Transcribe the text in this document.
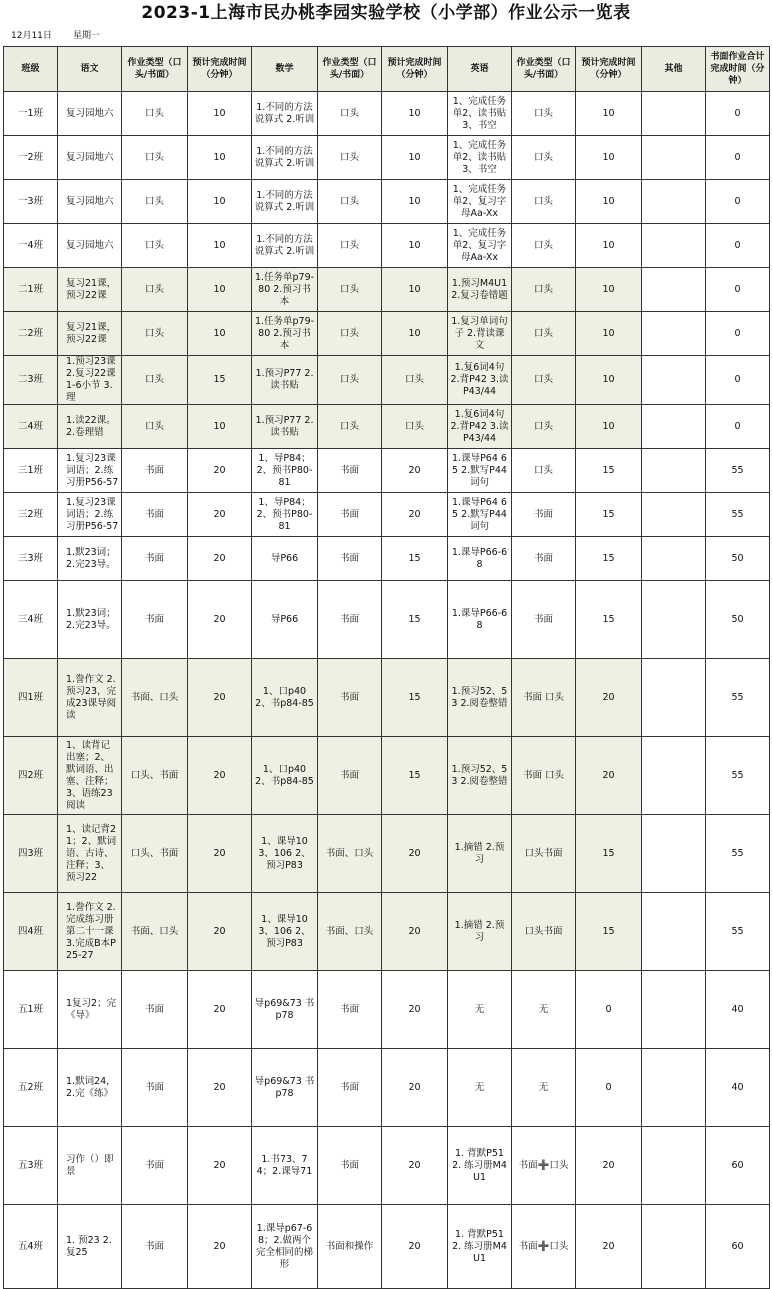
2023-1上海市民办桃李园实验学校（小学部）作业公示一览表
12月11日 星期一
班级	语文	作业类型（口头/书面）	预计完成时间（分钟）	数学	作业类型（口头/书面）	预计完成时间（分钟）	英语	作业类型（口头/书面）	预计完成时间（分钟）	其他	书面作业合计完成时间（分钟）
一1班	复习园地六	口头	10	1.不同的方法说算式 2.听训	口头	10	1、完成任务单2、读书贴3、书空	口头	10		0
一2班	复习园地六	口头	10	1.不同的方法说算式 2.听训	口头	10	1、完成任务单2、读书贴3、书空	口头	10		0
一3班	复习园地六	口头	10	1.不同的方法说算式 2.听训	口头	10	1、完成任务单2、复习字母Aa-Xx	口头	10		0
一4班	复习园地六	口头	10	1.不同的方法说算式 2.听训	口头	10	1、完成任务单2、复习字母Aa-Xx	口头	10		0
二1班	复习21课，预习22课	口头	10	1.任务单p79-80 2.预习书本	口头	10	1.预习M4U1 2.复习卷错题	口头	10		0
二2班	复习21课，预习22课	口头	10	1.任务单p79-80 2.预习书本	口头	10	1.复习单词句子 2.背读课文	口头	10		0
二3班	1.预习23课 2.复习22课 1-6小节 3.理	口头	15	1.预习P77 2.读书贴	口头	口头	1.复6词4句 2.背P42 3.读P43/44	口头	10		0
二4班	1.读22课。 2.卷理错	口头	10	1.预习P77 2.读书贴	口头	口头	1.复6词4句 2.背P42 3.读P43/44	口头	10		0
三1班	1.复习23课词语；2.练习册P56-57	书面	20	1、导P84；2、预书P80-81	书面	20	1.课导P64 65 2.默写P44词句	口头	15		55
三2班	1.复习23课词语；2.练习册P56-57	书面	20	1、导P84；2、预书P80-81	书面	20	1.课导P64 65 2.默写P44词句	书面	15		55
三3班	1.默23词；2.完23导。	书面	20	导P66	书面	15	1.课导P66-68	书面	15		50
三4班	1.默23词；2.完23导。	书面	20	导P66	书面	15	1.课导P66-68	书面	15		50
四1班	1.誊作文 2.预习23，完成23课导阅读	书面、口头	20	1、口p40 2、书p84-85	书面	15	1.预习52、53 2.阅卷整错	书面 口头	20		55
四2班	1、读背记出塞；2、默词语、出塞、注释；3、语练23阅读	口头、书面	20	1、口p40 2、书p84-85	书面	15	1.预习52、53 2.阅卷整错	书面 口头	20		55
四3班	1、读记背21；2、默词语、古诗、注释；3、预习22	口头、书面	20	1、课导103、106 2、预习P83	书面、口头	20	1.摘错 2.预习	口头书面	15		55
四4班	1.誊作文 2.完成练习册第二十一课 3.完成B本P25-27	书面、口头	20	1、课导103、106 2、预习P83	书面、口头	20	1.摘错 2.预习	口头书面	15		55
五1班	1复习2；完《导》	书面	20	导p69&73 书p78	书面	20	无	无	0		40
五2班	1.默词24，2.完《练》	书面	20	导p69&73 书p78	书面	20	无	无	0		40
五3班	习作（）即景	书面	20	1.书73、74；2.课导71	书面	20	1. 背默P51 2. 练习册M4U1	书面➕口头	20		60
五4班	1. 预23 2. 复25	书面	20	1.课导p67-68；2.做两个完全相同的梯形	书面和操作	20	1. 背默P51 2. 练习册M4U1	书面➕口头	20		60
